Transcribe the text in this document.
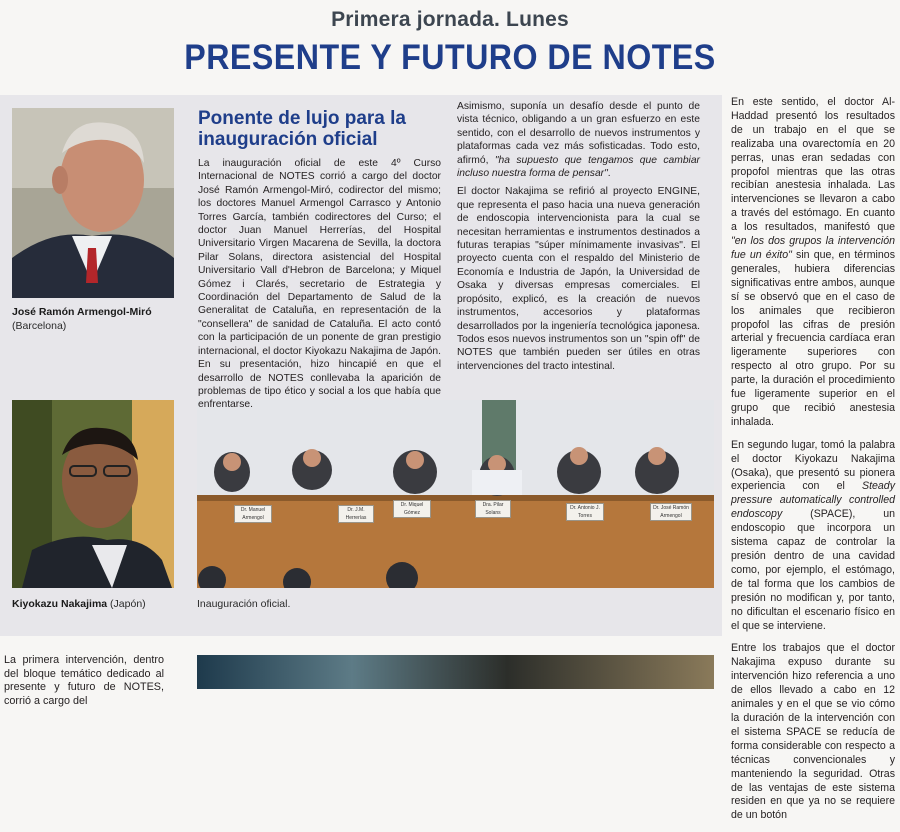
Primera jornada. Lunes
PRESENTE Y FUTURO DE NOTES
José Ramón Armengol-Miró
(Barcelona)
Kiyokazu Nakajima (Japón)
Dr. Manuel Armengol
Dr. J.M. Herrerías
Dr. Miquel Gómez
Dra. Pilar Solans
Dr. Antonio J. Torres
Dr. José Ramón Armengol
Inauguración oficial.
Ponente de lujo para la inauguración oficial

La inauguración oficial de este 4º Curso Internacional de NOTES corrió a cargo del doctor José Ramón Armengol-Miró, codirector del mismo; los doctores Manuel Armengol Carrasco y Antonio Torres García, también codirectores del Curso; el doctor Juan Manuel Herrerías, del Hospital Universitario Virgen Macarena de Sevilla, la doctora Pilar Solans, directora asistencial del Hospital Universitario Vall d'Hebron de Barcelona; y Miquel Gómez i Clarés, secretario de Estrategia y Coordinación del Departamento de Salud de la Generalitat de Cataluña, en representación de la "consellera" de sanidad de Cataluña. El acto contó con la participación de un ponente de gran prestigio internacional, el doctor Kiyokazu Nakajima de Japón. En su presentación, hizo hincapié en que el desarrollo de NOTES conllevaba la aparición de problemas de tipo ético y social a los que había que enfrentarse.

Asimismo, suponía un desafío desde el punto de vista técnico, obligando a un gran esfuerzo en este sentido, con el desarrollo de nuevos instrumentos y plataformas cada vez más sofisticadas. Todo esto, afirmó, "ha supuesto que tengamos que cambiar incluso nuestra forma de pensar".

El doctor Nakajima se refirió al proyecto ENGINE, que representa el paso hacia una nueva generación de endoscopia intervencionista para la cual se necesitan herramientas e instrumentos destinados a futuras terapias "súper mínimamente invasivas". El proyecto cuenta con el respaldo del Ministerio de Economía e Industria de Japón, la Universidad de Osaka y diversas empresas comerciales. El propósito, explicó, es la creación de nuevos instrumentos, accesorios y plataformas desarrollados por la ingeniería tecnológica japonesa. Todos esos nuevos instrumentos son un "spin off" de NOTES que también pueden ser útiles en otras intervenciones del tracto intestinal.

En este sentido, el doctor Al-Haddad presentó los resultados de un trabajo en el que se realizaba una ovarectomía en 20 perras, unas eran sedadas con propofol mientras que las otras recibían anestesia inhalada. Las intervenciones se llevaron a cabo a través del estómago. En cuanto a los resultados, manifestó que "en los dos grupos la intervención fue un éxito" sin que, en términos generales, hubiera diferencias significativas entre ambos, aunque sí se observó que en el caso de los animales que recibieron propofol las cifras de presión arterial y frecuencia cardíaca eran ligeramente superiores con respecto al otro grupo. Por su parte, la duración el procedimiento fue ligeramente superior en el grupo que recibió anestesia inhalada.

En segundo lugar, tomó la palabra el doctor Kiyokazu Nakajima (Osaka), que presentó su pionera experiencia con el Steady pressure automatically controlled endoscopy (SPACE), un endoscopio que incorpora un sistema capaz de controlar la presión dentro de una cavidad como, por ejemplo, el estómago, de tal forma que los cambios de presión no modifican y, por tanto, no dificultan el escenario físico en el que se interviene.

Entre los trabajos que el doctor Nakajima expuso durante su intervención hizo referencia a uno de ellos llevado a cabo en 12 animales y en el que se vio cómo la duración de la intervención con el sistema SPACE se reducía de forma considerable con respecto a técnicas convencionales y manteniendo la seguridad. Otras de las ventajas de este sistema residen en que ya no se requiere de un botón

La primera intervención, dentro del bloque temático dedicado al presente y futuro de NOTES, corrió a cargo del
